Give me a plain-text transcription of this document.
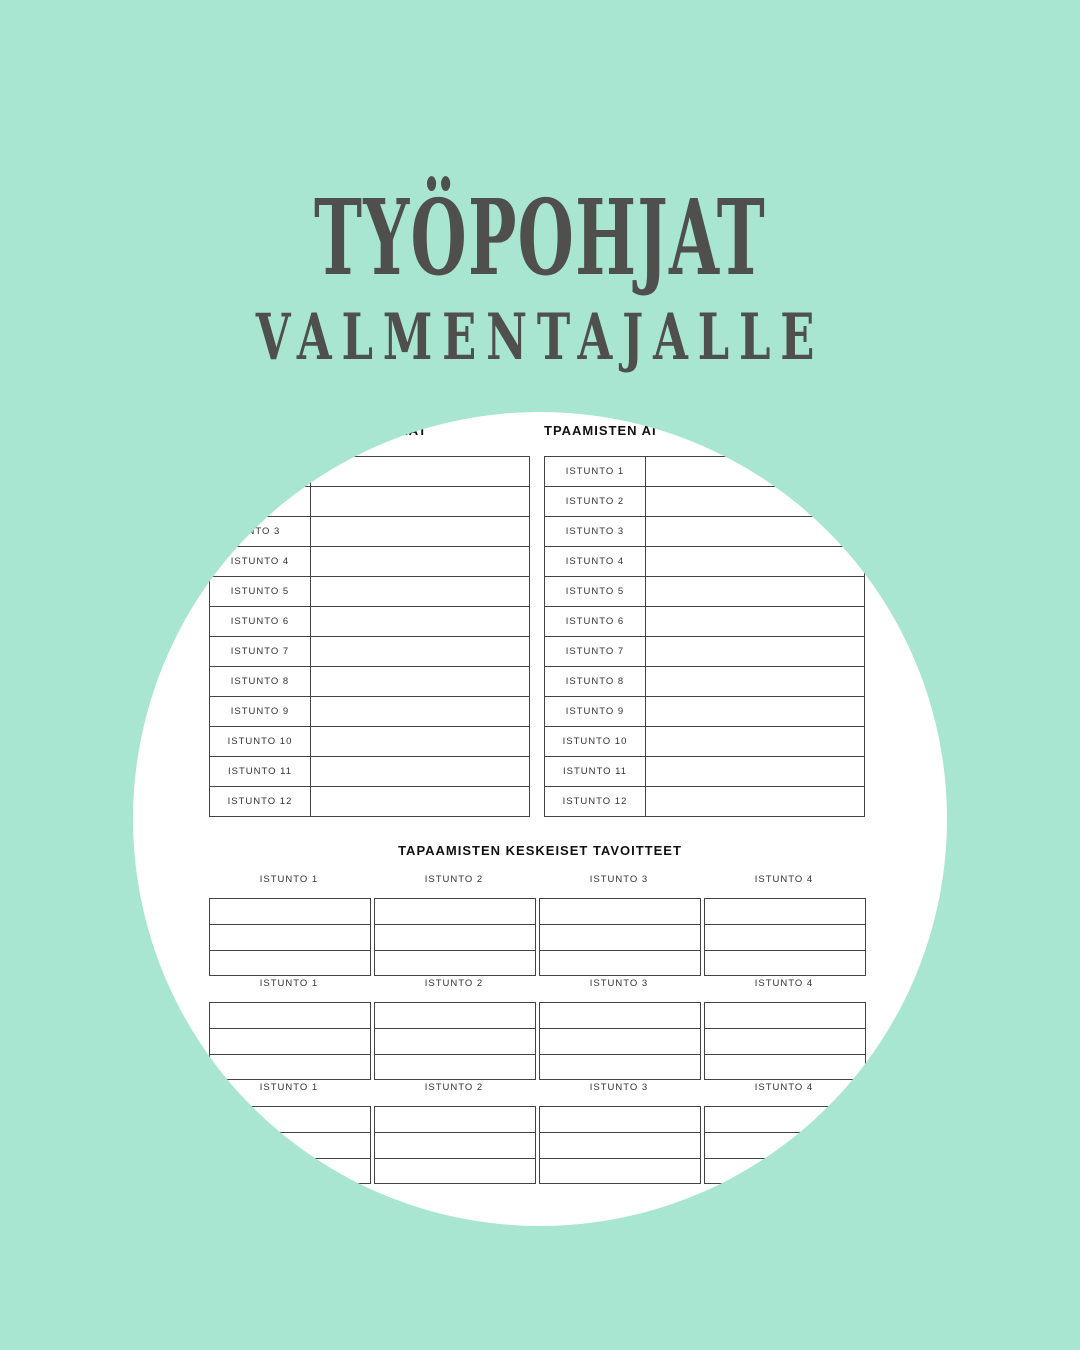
TYÖPOHJAT
VALMENTAJALLE
ARAT	TPAAMISTEN AI

UNTO 3	
ISTUNTO 4	
ISTUNTO 5	
ISTUNTO 6	
ISTUNTO 7	
ISTUNTO 8	
ISTUNTO 9	
ISTUNTO 10	
ISTUNTO 11	
ISTUNTO 12	
ISTUNTO 1	
ISTUNTO 2	
ISTUNTO 3	
ISTUNTO 4	
ISTUNTO 5	
ISTUNTO 6	
ISTUNTO 7	
ISTUNTO 8	
ISTUNTO 9	
ISTUNTO 10	
ISTUNTO 11	
ISTUNTO 12	
TAPAAMISTEN KESKEISET TAVOITTEET
ISTUNTO 1	ISTUNTO 2	ISTUNTO 3	ISTUNTO 4
ISTUNTO 1	ISTUNTO 2	ISTUNTO 3	ISTUNTO 4
ISTUNTO 1	ISTUNTO 2	ISTUNTO 3	ISTUNTO 4
